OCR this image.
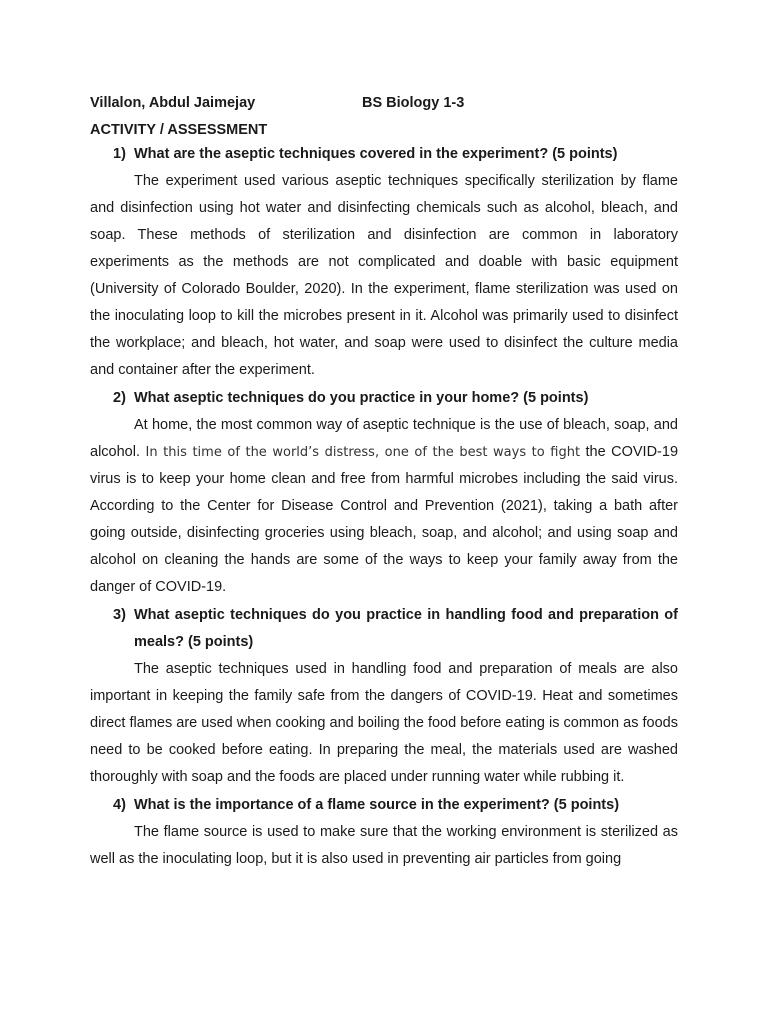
Villalon, Abdul Jaimejay	BS Biology 1-3
ACTIVITY / ASSESSMENT
1) What are the aseptic techniques covered in the experiment? (5 points)

The experiment used various aseptic techniques specifically sterilization by flame and disinfection using hot water and disinfecting chemicals such as alcohol, bleach, and soap. These methods of sterilization and disinfection are common in laboratory experiments as the methods are not complicated and doable with basic equipment (University of Colorado Boulder, 2020). In the experiment, flame sterilization was used on the inoculating loop to kill the microbes present in it. Alcohol was primarily used to disinfect the workplace; and bleach, hot water, and soap were used to disinfect the culture media and container after the experiment.

2) What aseptic techniques do you practice in your home? (5 points)

At home, the most common way of aseptic technique is the use of bleach, soap, and alcohol. In this time of the world’s distress, one of the best ways to fight the COVID-19 virus is to keep your home clean and free from harmful microbes including the said virus. According to the Center for Disease Control and Prevention (2021), taking a bath after going outside, disinfecting groceries using bleach, soap, and alcohol; and using soap and alcohol on cleaning the hands are some of the ways to keep your family away from the danger of COVID-19.

3) What aseptic techniques do you practice in handling food and preparation of meals? (5 points)

The aseptic techniques used in handling food and preparation of meals are also important in keeping the family safe from the dangers of COVID-19. Heat and sometimes direct flames are used when cooking and boiling the food before eating is common as foods need to be cooked before eating. In preparing the meal, the materials used are washed thoroughly with soap and the foods are placed under running water while rubbing it.

4) What is the importance of a flame source in the experiment? (5 points)

The flame source is used to make sure that the working environment is sterilized as well as the inoculating loop, but it is also used in preventing air particles from going
